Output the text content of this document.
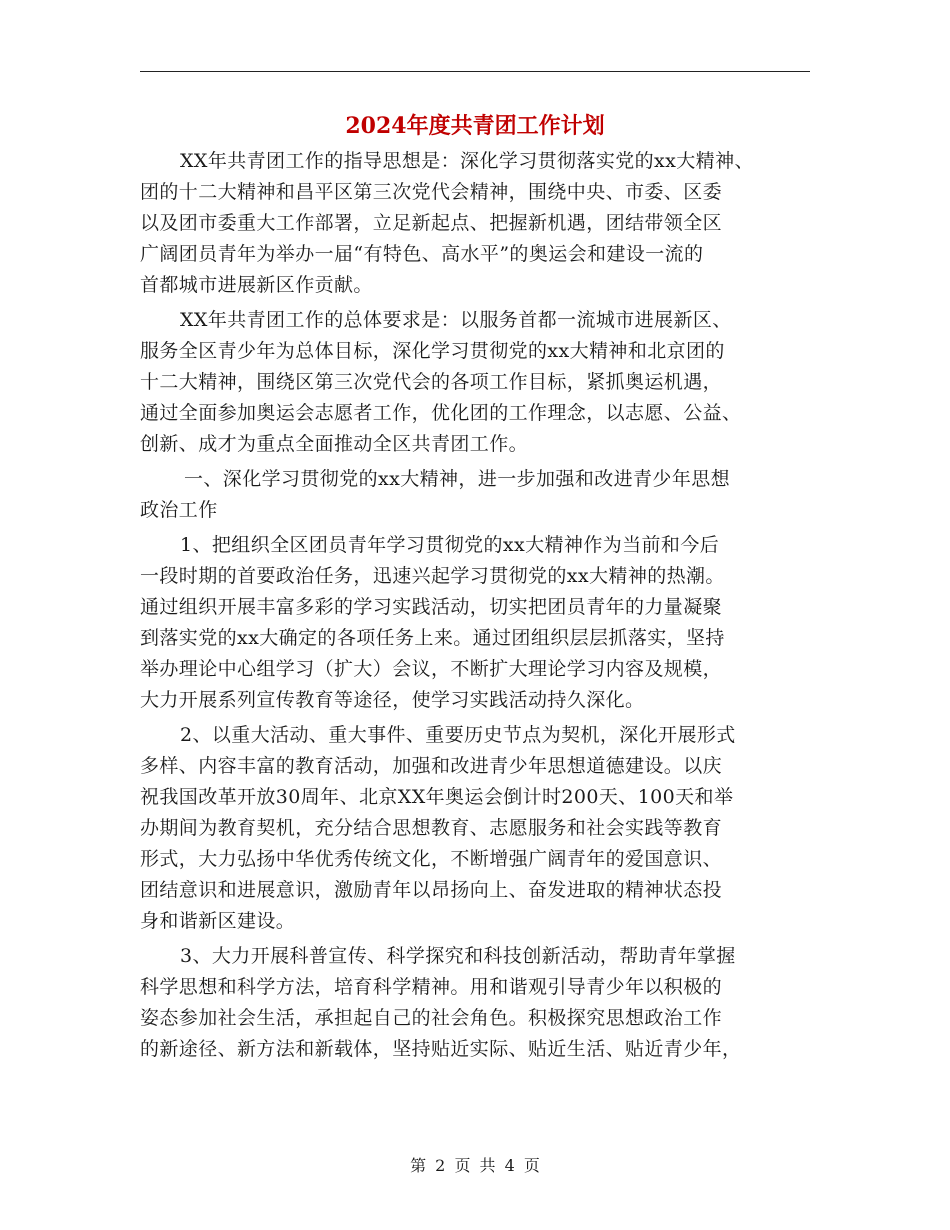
2024年度共青团工作计划
XX年共青团工作的指导思想是：深化学习贯彻落实党的xx大精神、
团的十二大精神和昌平区第三次党代会精神，围绕中央、市委、区委
以及团市委重大工作部署，立足新起点、把握新机遇，团结带领全区
广阔团员青年为举办一届“有特色、高水平”的奥运会和建设一流的
首都城市进展新区作贡献。
XX年共青团工作的总体要求是：以服务首都一流城市进展新区、
服务全区青少年为总体目标，深化学习贯彻党的xx大精神和北京团的
十二大精神，围绕区第三次党代会的各项工作目标，紧抓奥运机遇，
通过全面参加奥运会志愿者工作，优化团的工作理念，以志愿、公益、
创新、成才为重点全面推动全区共青团工作。
一、深化学习贯彻党的xx大精神，进一步加强和改进青少年思想
政治工作
1、把组织全区团员青年学习贯彻党的xx大精神作为当前和今后
一段时期的首要政治任务，迅速兴起学习贯彻党的xx大精神的热潮。
通过组织开展丰富多彩的学习实践活动，切实把团员青年的力量凝聚
到落实党的xx大确定的各项任务上来。通过团组织层层抓落实，坚持
举办理论中心组学习（扩大）会议，不断扩大理论学习内容及规模，
大力开展系列宣传教育等途径，使学习实践活动持久深化。
2、以重大活动、重大事件、重要历史节点为契机，深化开展形式
多样、内容丰富的教育活动，加强和改进青少年思想道德建设。以庆
祝我国改革开放30周年、北京XX年奥运会倒计时200天、100天和举
办期间为教育契机，充分结合思想教育、志愿服务和社会实践等教育
形式，大力弘扬中华优秀传统文化，不断增强广阔青年的爱国意识、
团结意识和进展意识，激励青年以昂扬向上、奋发进取的精神状态投
身和谐新区建设。
3、大力开展科普宣传、科学探究和科技创新活动，帮助青年掌握
科学思想和科学方法，培育科学精神。用和谐观引导青少年以积极的
姿态参加社会生活，承担起自己的社会角色。积极探究思想政治工作
的新途径、新方法和新载体，坚持贴近实际、贴近生活、贴近青少年，
第 2 页 共 4 页
